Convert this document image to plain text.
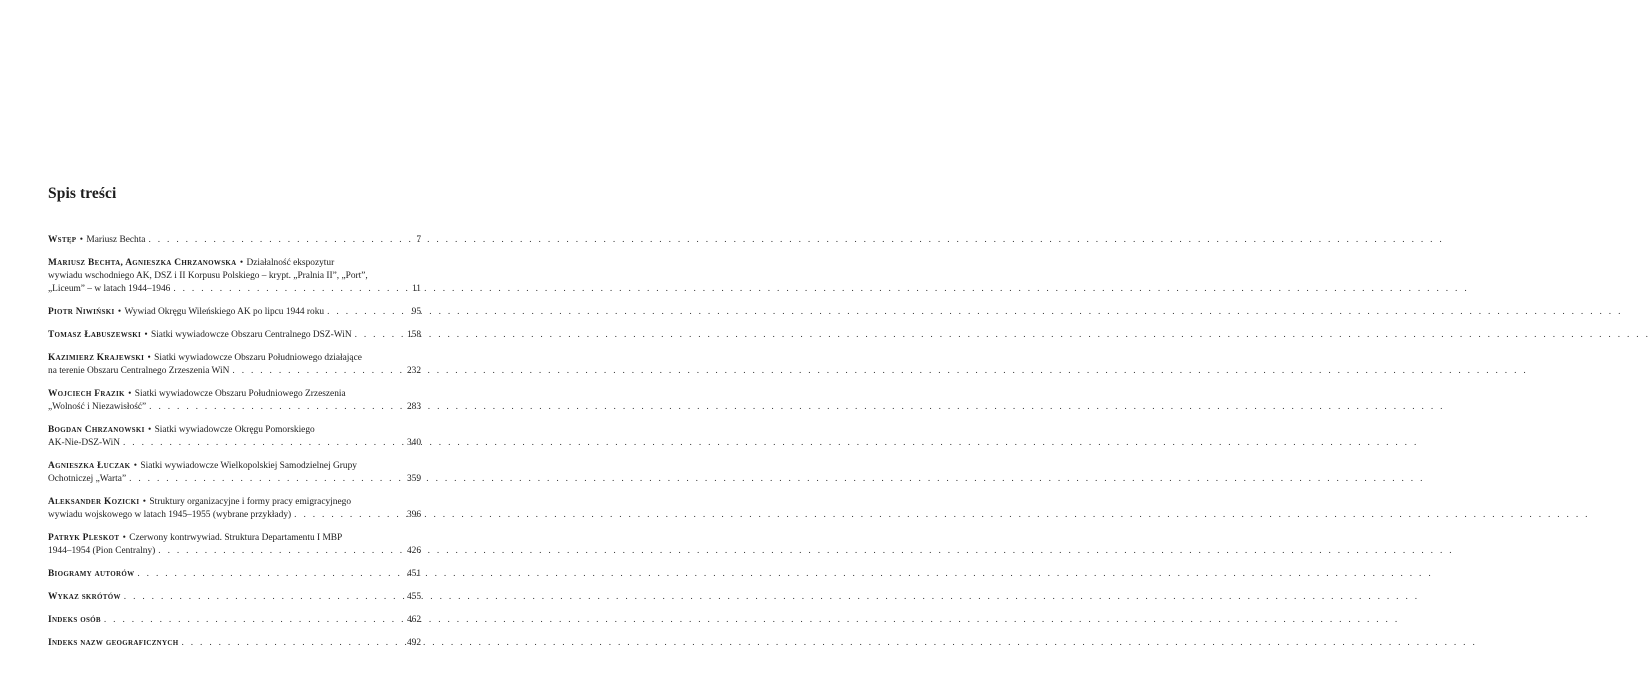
Spis treści
Wstęp • Mariusz Bechta . . .	7
Mariusz Bechta, Agnieszka Chrzanowska • Działalność ekspozytur
wywiadu wschodniego AK, DSZ i II Korpusu Polskiego – krypt. „Pralnia II”, „Port”,
„Liceum” – w latach 1944–1946 . . .	11
Piotr Niwiński • Wywiad Okręgu Wileńskiego AK po lipcu 1944 roku . . .	95
Tomasz Łabuszewski • Siatki wywiadowcze Obszaru Centralnego DSZ-WiN . . .	158
Kazimierz Krajewski • Siatki wywiadowcze Obszaru Południowego działające
na terenie Obszaru Centralnego Zrzeszenia WiN . . .	232
Wojciech Frazik • Siatki wywiadowcze Obszaru Południowego Zrzeszenia
„Wolność i Niezawisłość” . . .	283
Bogdan Chrzanowski • Siatki wywiadowcze Okręgu Pomorskiego
AK-Nie-DSZ-WiN . . .	340
Agnieszka Łuczak • Siatki wywiadowcze Wielkopolskiej Samodzielnej Grupy
Ochotniczej „Warta” . . .	359
Aleksander Kozicki • Struktury organizacyjne i formy pracy emigracyjnego
wywiadu wojskowego w latach 1945–1955 (wybrane przykłady) . . .	396
Patryk Pleskot • Czerwony kontrwywiad. Struktura Departamentu I MBP
1944–1954 (Pion Centralny) . . .	426
Biogramy autorów . . .	451
Wykaz skrótów . . .	455
Indeks osób . . .	462
Indeks nazw geograficznych . . .	492
